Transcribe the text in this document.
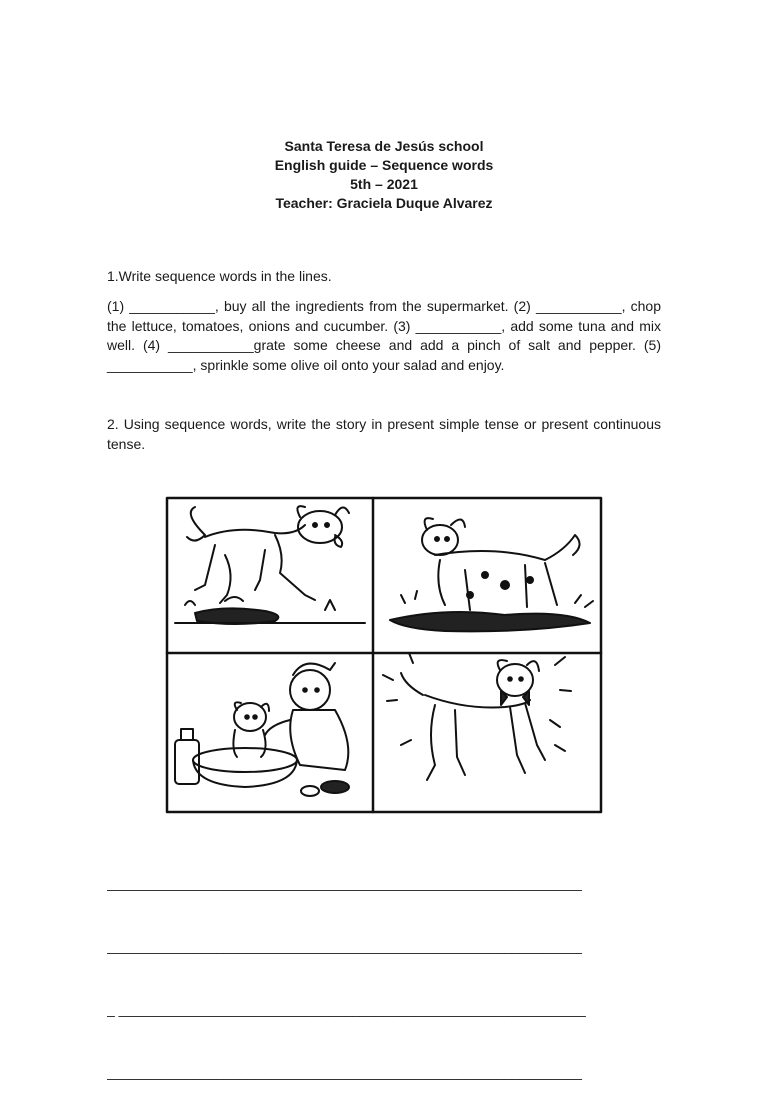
Santa Teresa de Jesús school
English guide – Sequence words
5th – 2021
Teacher: Graciela Duque Alvarez
1.Write sequence words in the lines.
(1) ___________, buy all the ingredients from the supermarket. (2) ___________, chop the lettuce, tomatoes, onions and cucumber. (3) ___________, add some tuna and mix well. (4) ___________grate some cheese and add a pinch of salt and pepper. (5) ___________, sprinkle some olive oil onto your salad and enjoy.
2. Using sequence words, write the story in present simple tense or present continuous tense.

_____________________________________________________________

_____________________________________________________________

_ ____________________________________________________________

_____________________________________________________________
